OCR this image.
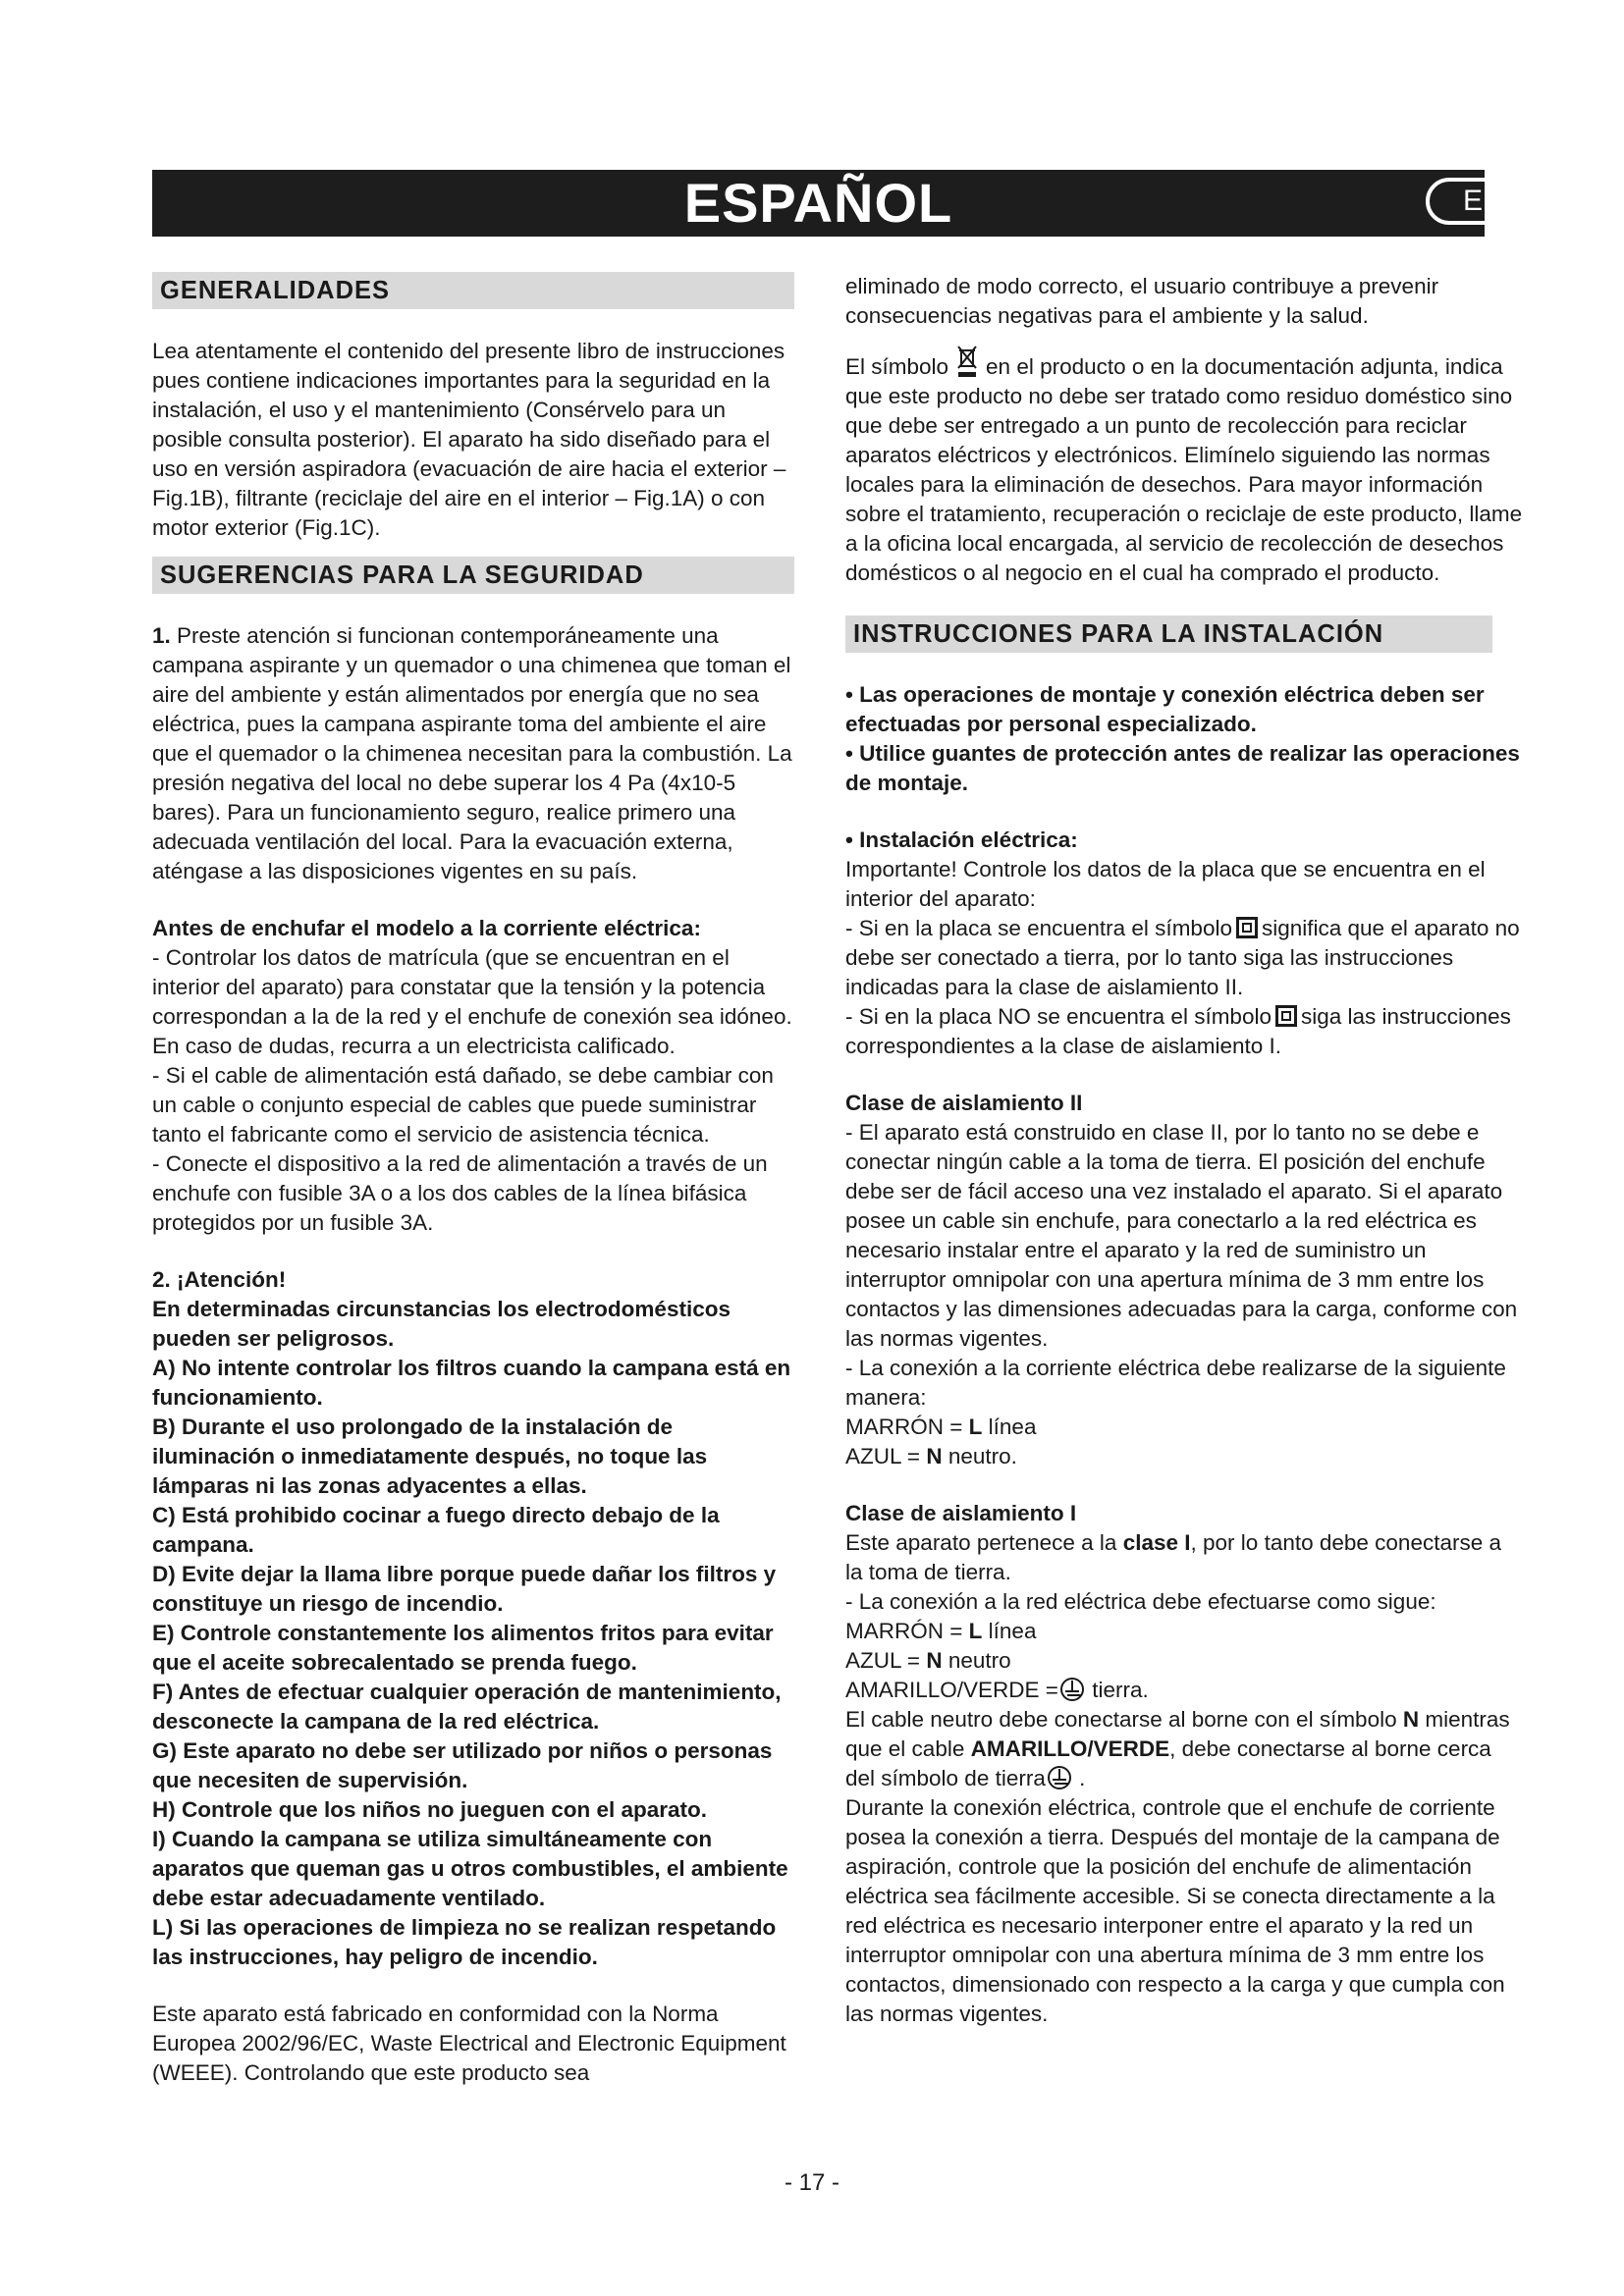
ESPAÑOL	E
GENERALIDADES

Lea atentamente el contenido del presente libro de instrucciones pues contiene indicaciones importantes para la seguridad en la instalación, el uso y el mantenimiento (Consérvelo para un posible consulta posterior). El aparato ha sido diseñado para el uso en versión aspiradora (evacuación de aire hacia el exterior – Fig.1B), filtrante (reciclaje del aire en el interior – Fig.1A) o con motor exterior (Fig.1C).

SUGERENCIAS PARA LA SEGURIDAD

1. Preste atención si funcionan contemporáneamente una campana aspirante y un quemador o una chimenea que toman el aire del ambiente y están alimentados por energía que no sea eléctrica, pues la campana aspirante toma del ambiente el aire que el quemador o la chimenea necesitan para la combustión. La presión negativa del local no debe superar los 4 Pa (4x10-5 bares). Para un funcionamiento seguro, realice primero una adecuada ventilación del local. Para la evacuación externa, aténgase a las disposiciones vigentes en su país.

Antes de enchufar el modelo a la corriente eléctrica:

- Controlar los datos de matrícula (que se encuentran en el interior del aparato) para constatar que la tensión y la potencia correspondan a la de la red y el enchufe de conexión sea idóneo. En caso de dudas, recurra a un electricista calificado.

- Si el cable de alimentación está dañado, se debe cambiar con un cable o conjunto especial de cables que puede suministrar tanto el fabricante como el servicio de asistencia técnica.

- Conecte el dispositivo a la red de alimentación a través de un enchufe con fusible 3A o a los dos cables de la línea bifásica protegidos por un fusible 3A.

2. ¡Atención!

En determinadas circunstancias los electrodomésticos pueden ser peligrosos.

A) No intente controlar los filtros cuando la campana está en funcionamiento.

B) Durante el uso prolongado de la instalación de iluminación o inmediatamente después, no toque las lámparas ni las zonas adyacentes a ellas.

C) Está prohibido cocinar a fuego directo debajo de la campana.

D) Evite dejar la llama libre porque puede dañar los filtros y constituye un riesgo de incendio.

E) Controle constantemente los alimentos fritos para evitar que el aceite sobrecalentado se prenda fuego.

F) Antes de efectuar cualquier operación de mantenimiento, desconecte la campana de la red eléctrica.

G) Este aparato no debe ser utilizado por niños o personas que necesiten de supervisión.

H) Controle que los niños no jueguen con el aparato.

I) Cuando la campana se utiliza simultáneamente con aparatos que queman gas u otros combustibles, el ambiente debe estar adecuadamente ventilado.

L) Si las operaciones de limpieza no se realizan respetando las instrucciones, hay peligro de incendio.

Este aparato está fabricado en conformidad con la Norma Europea 2002/96/EC, Waste Electrical and Electronic Equipment (WEEE). Controlando que este producto sea

eliminado de modo correcto, el usuario contribuye a prevenir consecuencias negativas para el ambiente y la salud.

El símbolo en el producto o en la documentación adjunta, indica que este producto no debe ser tratado como residuo doméstico sino que debe ser entregado a un punto de recolección para reciclar aparatos eléctricos y electrónicos. Elimínelo siguiendo las normas locales para la eliminación de desechos. Para mayor información sobre el tratamiento, recuperación o reciclaje de este producto, llame a la oficina local encargada, al servicio de recolección de desechos domésticos o al negocio en el cual ha comprado el producto.

INSTRUCCIONES PARA LA INSTALACIÓN

• Las operaciones de montaje y conexión eléctrica deben ser efectuadas por personal especializado.

• Utilice guantes de protección antes de realizar las operaciones de montaje.

• Instalación eléctrica:

Importante! Controle los datos de la placa que se encuentra en el interior del aparato:

- Si en la placa se encuentra el símbolo significa que el aparato no debe ser conectado a tierra, por lo tanto siga las instrucciones indicadas para la clase de aislamiento II.

- Si en la placa NO se encuentra el símbolo siga las instrucciones correspondientes a la clase de aislamiento I.

Clase de aislamiento II

- El aparato está construido en clase II, por lo tanto no se debe e conectar ningún cable a la toma de tierra. El posición del enchufe debe ser de fácil acceso una vez instalado el aparato. Si el aparato posee un cable sin enchufe, para conectarlo a la red eléctrica es necesario instalar entre el aparato y la red de suministro un interruptor omnipolar con una apertura mínima de 3 mm entre los contactos y las dimensiones adecuadas para la carga, conforme con las normas vigentes.

- La conexión a la corriente eléctrica debe realizarse de la siguiente manera:

MARRÓN = L línea

AZUL = N neutro.

Clase de aislamiento I

Este aparato pertenece a la clase I, por lo tanto debe conectarse a la toma de tierra.

- La conexión a la red eléctrica debe efectuarse como sigue:

MARRÓN = L línea

AZUL = N neutro

AMARILLO/VERDE = tierra.

El cable neutro debe conectarse al borne con el símbolo N mientras que el cable AMARILLO/VERDE, debe conectarse al borne cerca del símbolo de tierra .

Durante la conexión eléctrica, controle que el enchufe de corriente posea la conexión a tierra. Después del montaje de la campana de aspiración, controle que la posición del enchufe de alimentación eléctrica sea fácilmente accesible. Si se conecta directamente a la red eléctrica es necesario interponer entre el aparato y la red un interruptor omnipolar con una abertura mínima de 3 mm entre los contactos, dimensionado con respecto a la carga y que cumpla con las normas vigentes.

- 17 -
